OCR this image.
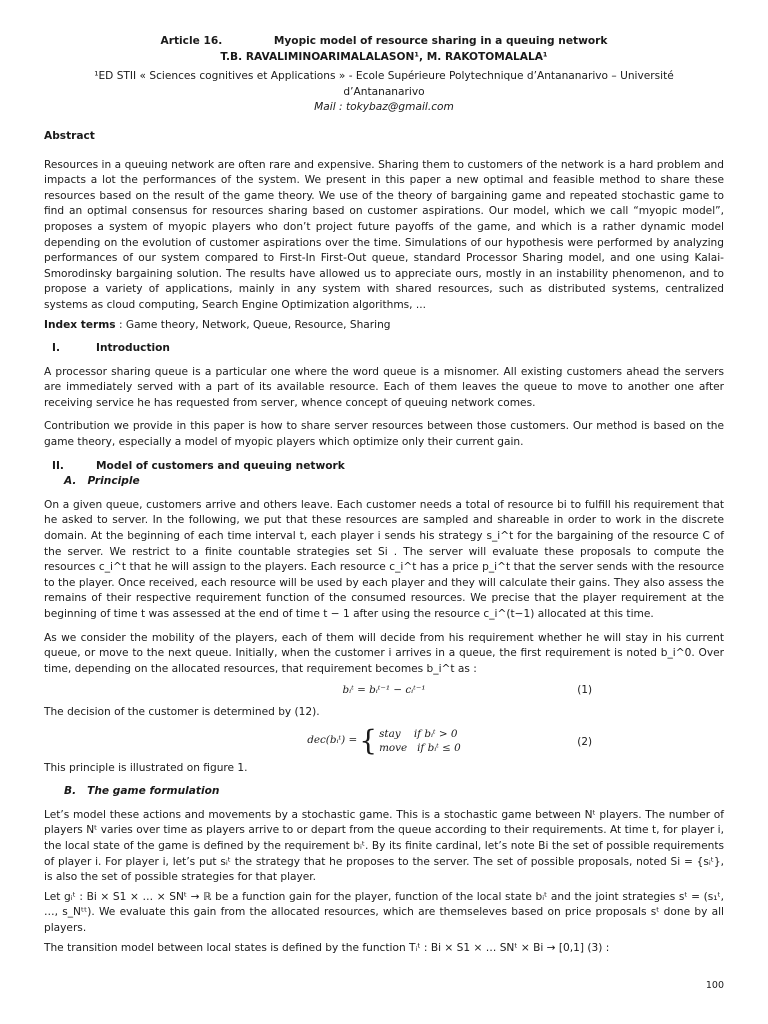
Article 16.              Myopic model of resource sharing in a queuing network

T.B. RAVALIMINOARIMALALASON¹, M. RAKOTOMALALA¹

¹ED STII « Sciences cognitives et Applications » - Ecole Supérieure Polytechnique d’Antananarivo – Université d’Antananarivo

Mail : tokybaz@gmail.com

Abstract

Resources in a queuing network are often rare and expensive. Sharing them to customers of the network is a hard problem and impacts a lot the performances of the system. We present in this paper a new optimal and feasible method to share these resources based on the result of the game theory. We use of the theory of bargaining game and repeated stochastic game to find an optimal consensus for resources sharing based on customer aspirations. Our model, which we call “myopic model”, proposes a system of myopic players who don’t project future payoffs of the game, and which is a rather dynamic model depending on the evolution of customer aspirations over the time. Simulations of our hypothesis were performed by analyzing performances of our system compared to First-In First-Out queue, standard Processor Sharing model, and one using Kalai-Smorodinsky bargaining solution. The results have allowed us to appreciate ours, mostly in an instability phenomenon, and to propose a variety of applications, mainly in any system with shared resources, such as distributed systems, centralized systems as cloud computing, Search Engine Optimization algorithms, ...

Index terms : Game theory, Network, Queue, Resource, Sharing

I.	Introduction

A processor sharing queue is a particular one where the word queue is a misnomer. All existing customers ahead the servers are immediately served with a part of its available resource. Each of them leaves the queue to move to another one after receiving service he has requested from server, whence concept of queuing network comes.

Contribution we provide in this paper is how to share server resources between those customers. Our method is based on the game theory, especially a model of myopic players which optimize only their current gain.

II.	Model of customers and queuing network

A.   Principle

On a given queue, customers arrive and others leave. Each customer needs a total of resource bi to fulfill his requirement that he asked to server. In the following, we put that these resources are sampled and shareable in order to work in the discrete domain. At the beginning of each time interval t, each player i sends his strategy s_i^t for the bargaining of the resource C of the server. We restrict to a finite countable strategies set Si . The server will evaluate these proposals to compute the resources c_i^t that he will assign to the players. Each resource c_i^t has a price p_i^t that the server sends with the resource to the player. Once received, each resource will be used by each player and they will calculate their gains. They also assess the remains of their respective requirement function of the consumed resources. We precise that the player requirement at the beginning of time t was assessed at the end of time t − 1 after using the resource c_i^(t−1) allocated at this time.

As we consider the mobility of the players, each of them will decide from his requirement whether he will stay in his current queue, or move to the next queue. Initially, when the customer i arrives in a queue, the first requirement is noted b_i^0. Over time, depending on the allocated resources, that requirement becomes b_i^t as :

bᵢᵗ = bᵢᵗ⁻¹ − cᵢᵗ⁻¹	(1)

The decision of the customer is determined by (12).

dec(bᵢᵗ) = { stay    if bᵢᵗ > 0
move   if bᵢᵗ ≤ 0	(2)

This principle is illustrated on figure 1.

B.   The game formulation

Let’s model these actions and movements by a stochastic game. This is a stochastic game between Nᵗ players. The number of players Nᵗ varies over time as players arrive to or depart from the queue according to their requirements. At time t, for player i, the local state of the game is defined by the requirement bᵢᵗ. By its finite cardinal, let’s note Bi the set of possible requirements of player i. For player i, let’s put sᵢᵗ the strategy that he proposes to the server. The set of possible proposals, noted Si = {sᵢᵗ}, is also the set of possible strategies for that player.

Let gᵢᵗ : Bi × S1 × … × SNᵗ → ℝ be a function gain for the player, function of the local state bᵢᵗ and the joint strategies sᵗ = (s₁ᵗ, …, s_Nᵗᵗ). We evaluate this gain from the allocated resources, which are themseleves based on price proposals sᵗ done by all players.

The transition model between local states is defined by the function Tᵢᵗ : Bi × S1 × … SNᵗ × Bi → [0,1] (3) :

100
